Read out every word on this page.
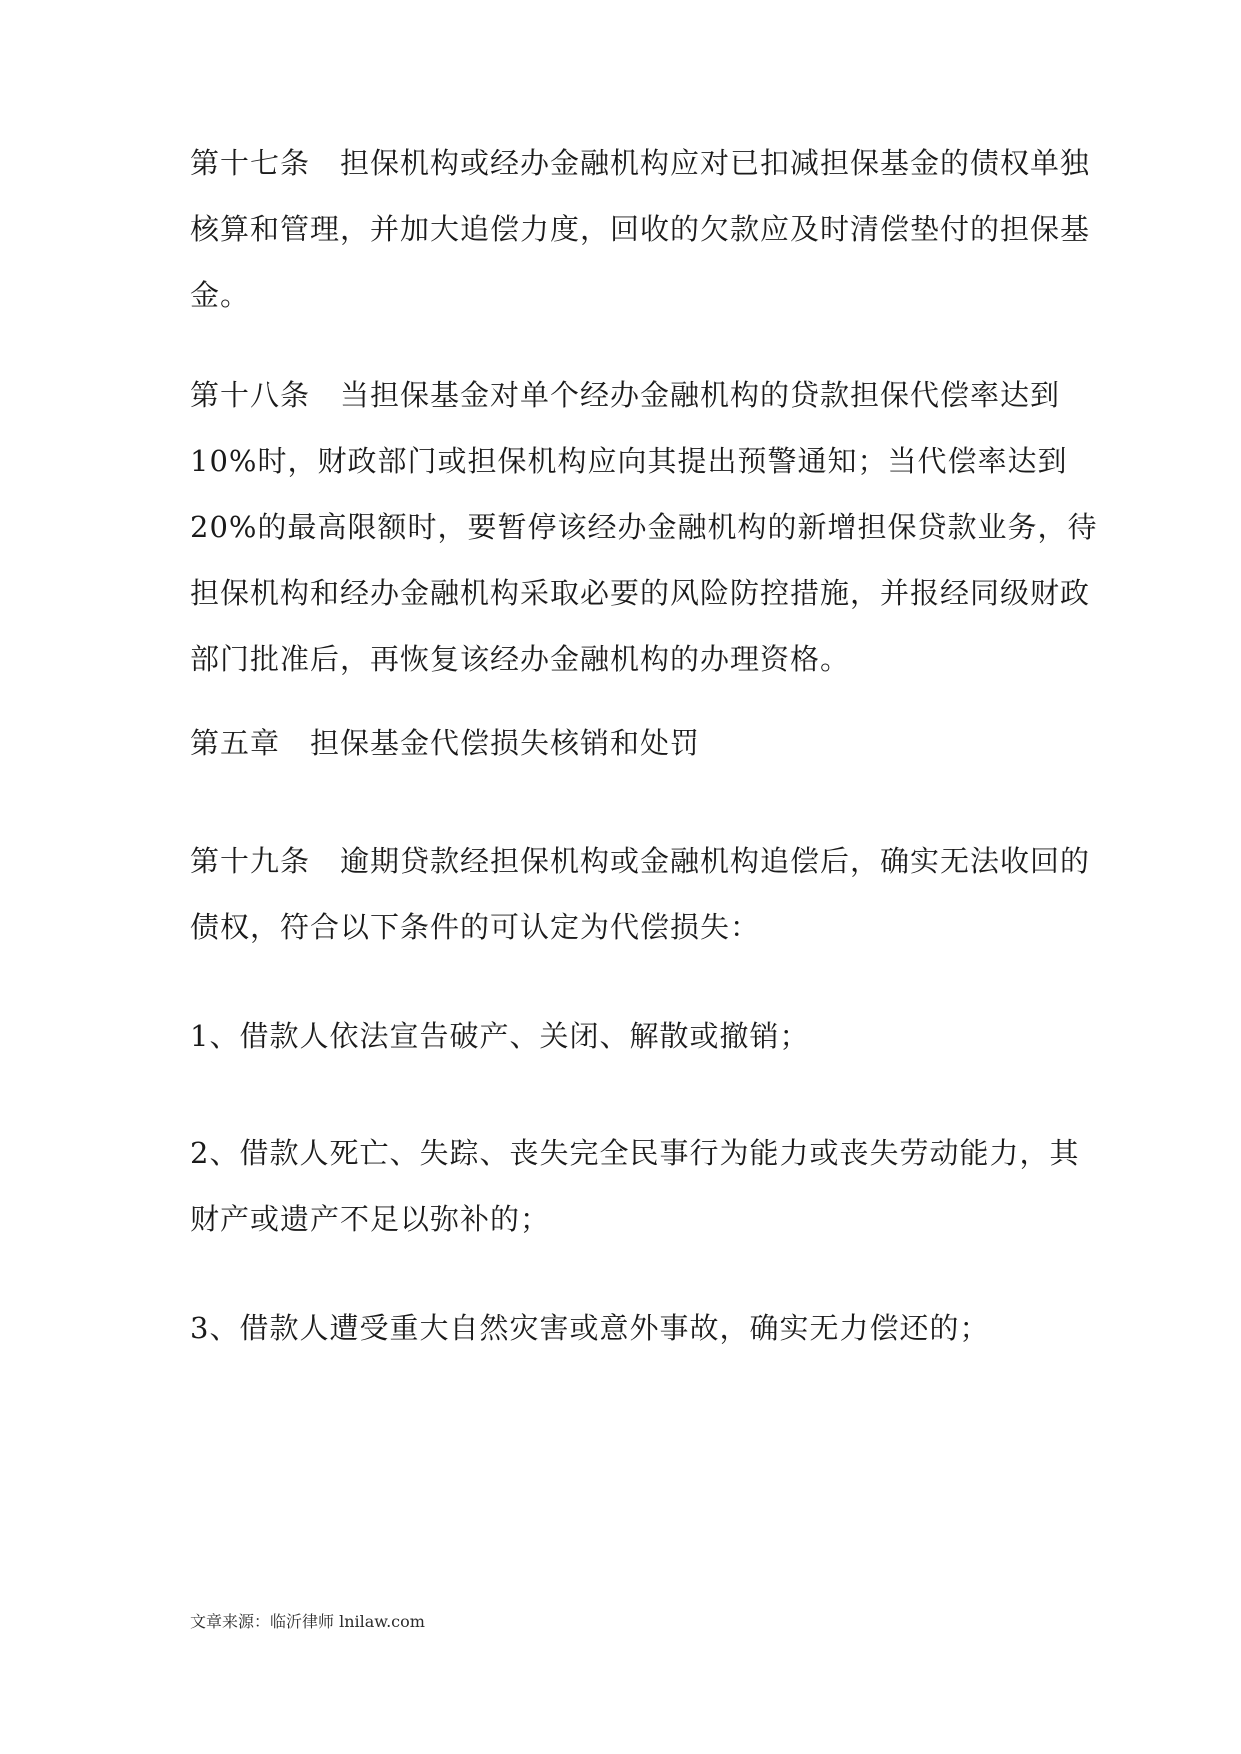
第十七条 担保机构或经办金融机构应对已扣减担保基金的债权单独
核算和管理，并加大追偿力度，回收的欠款应及时清偿垫付的担保基
金。
第十八条 当担保基金对单个经办金融机构的贷款担保代偿率达到
10%时，财政部门或担保机构应向其提出预警通知；当代偿率达到
20%的最高限额时，要暂停该经办金融机构的新增担保贷款业务，待
担保机构和经办金融机构采取必要的风险防控措施，并报经同级财政
部门批准后，再恢复该经办金融机构的办理资格。
第五章 担保基金代偿损失核销和处罚
第十九条 逾期贷款经担保机构或金融机构追偿后，确实无法收回的
债权，符合以下条件的可认定为代偿损失：
1、借款人依法宣告破产、关闭、解散或撤销；
2、借款人死亡、失踪、丧失完全民事行为能力或丧失劳动能力，其
财产或遗产不足以弥补的；
3、借款人遭受重大自然灾害或意外事故，确实无力偿还的；
文章来源：临沂律师 lnilaw.com
